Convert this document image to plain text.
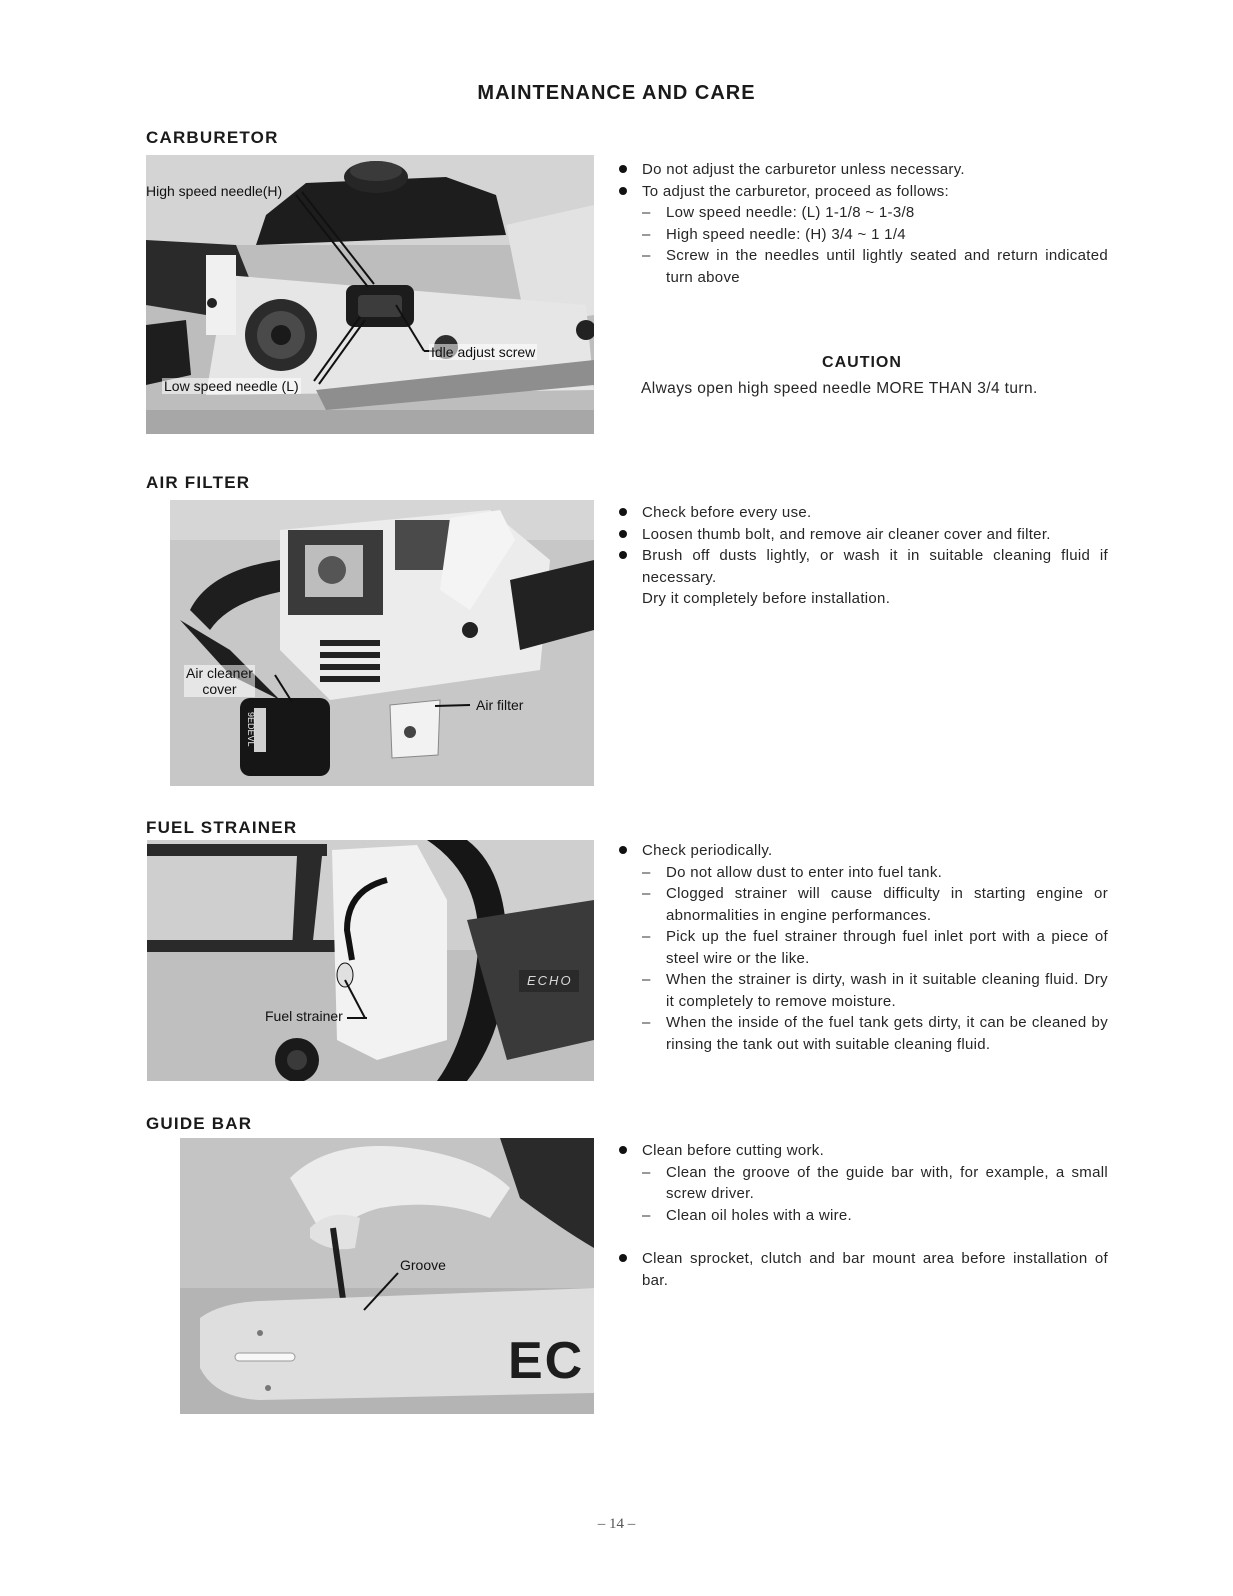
MAINTENANCE AND CARE
CARBURETOR
High speed needle(H)
Idle adjust screw
Low speed needle (L)
Do not adjust the carburetor unless necessary.
To adjust the carburetor, proceed as follows:
– Low speed needle: (L) 1-1/8 ~ 1-3/8
– High speed needle: (H) 3/4 ~ 1 1/4
– Screw in the needles until lightly seated and return indicated turn above
CAUTION
Always open high speed needle MORE THAN 3/4 turn.
AIR FILTER
Air cleaner
cover
Air filter
9EDEVL
Check before every use.
Loosen thumb bolt, and remove air cleaner cover and filter.
Brush off dusts lightly, or wash it in suitable cleaning fluid if necessary.
Dry it completely before installation.
FUEL STRAINER
Fuel strainer
ECHO
Check periodically.
– Do not allow dust to enter into fuel tank.
– Clogged strainer will cause difficulty in starting engine or abnormalities in engine performances.
– Pick up the fuel strainer through fuel inlet port with a piece of steel wire or the like.
– When the strainer is dirty, wash in it suitable cleaning fluid. Dry it completely to remove moisture.
– When the inside of the fuel tank gets dirty, it can be cleaned by rinsing the tank out with suitable cleaning fluid.
GUIDE BAR
Groove
EC
Clean before cutting work.
– Clean the groove of the guide bar with, for example, a small screw driver.
– Clean oil holes with a wire.
Clean sprocket, clutch and bar mount area before installation of bar.
– 14 –
